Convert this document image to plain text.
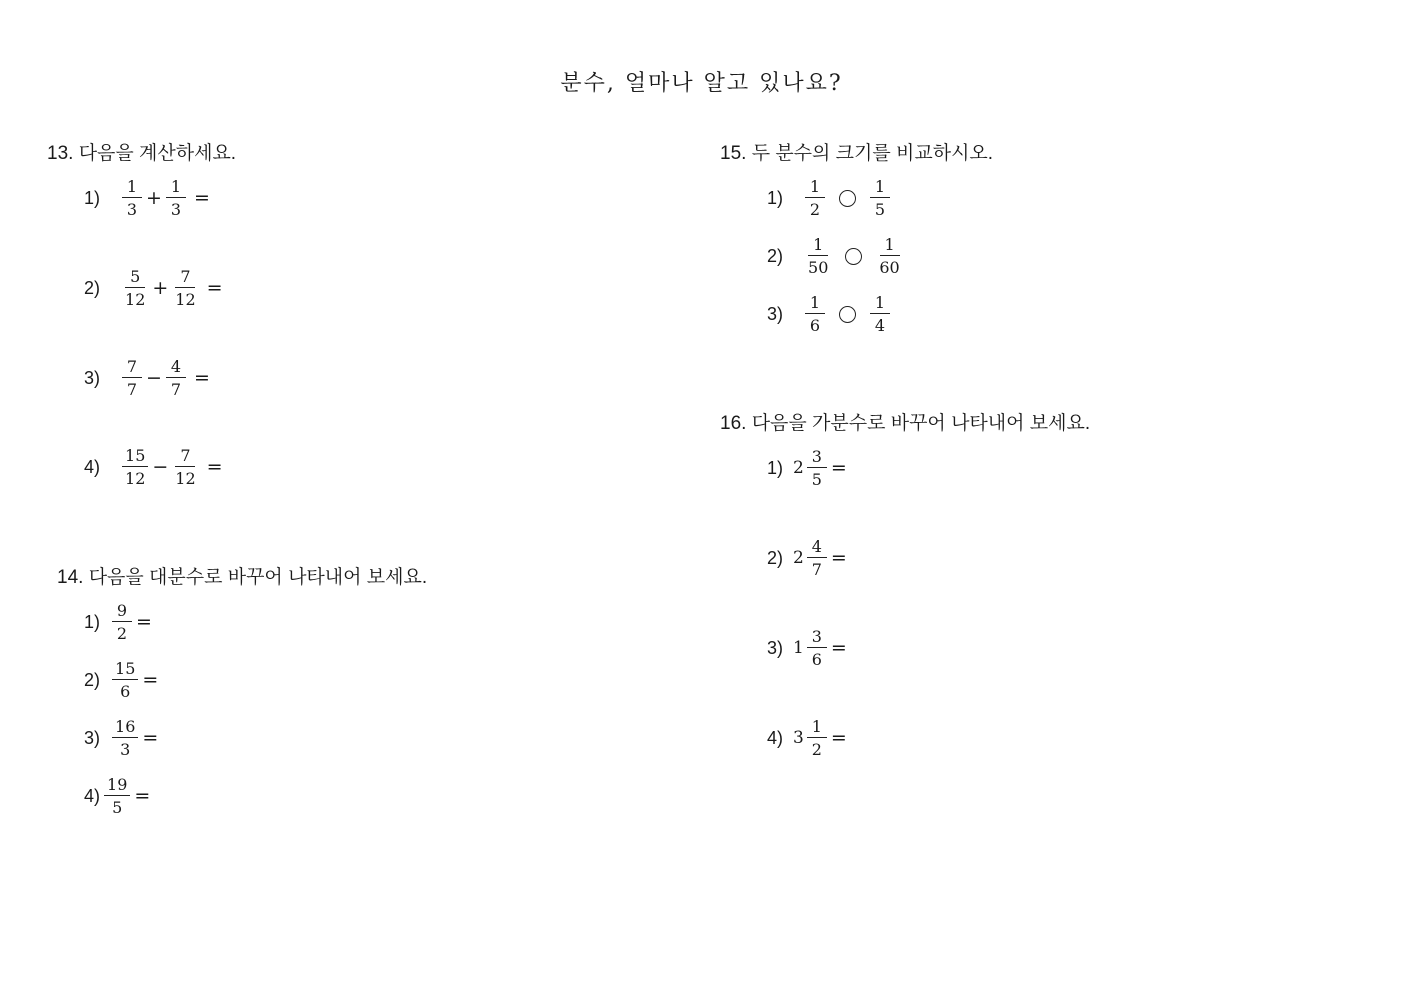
분수, 얼마나 알고 있나요?
13. 다음을 계산하세요.
$1) \frac{1}{3} + \frac{1}{3}$ =
$2) \frac{5}{12} + \frac{7}{12}$ =
$3) \frac{7}{7} - \frac{4}{7}$ =
$4) \frac{15}{12} - \frac{7}{12}$ =
14. 다음을 대분수로 바꾸어 나타내어 보세요.
$1) \frac{9}{2}$ =
$2) \frac{15}{6}$ =
$3) \frac{16}{3}$ =
$4) \frac{19}{5}$ =
15. 두 분수의 크기를 비교하시오.
$1) \frac{1}{2}$	$\frac{1}{5}$
$2) \frac{1}{50}$	$\frac{1}{60}$
$3) \frac{1}{6}$	$\frac{1}{4}$
16. 다음을 가분수로 바꾸어 나타내어 보세요.
1) $2 \frac{3}{5}$ =
2) $2 \frac{4}{7}$ =
3) $1 \frac{3}{6}$ =
4) $3 \frac{1}{2}$ =
